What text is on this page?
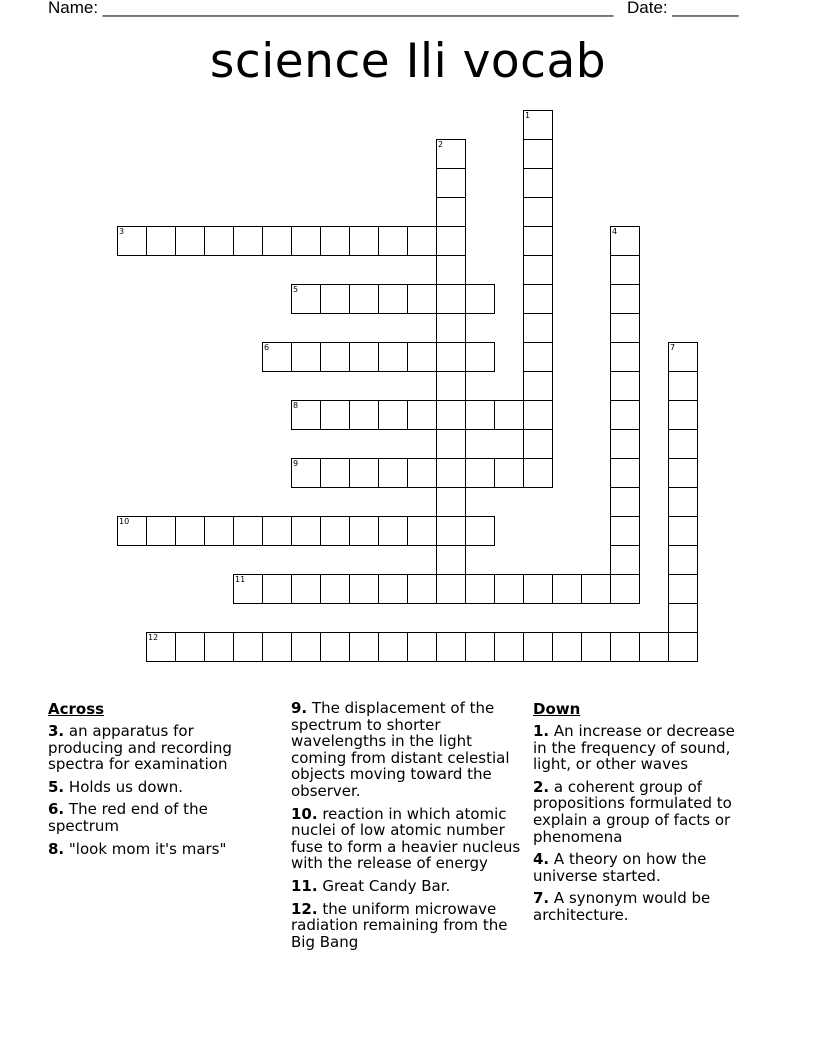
Name: ______________________________________________________ Date: _______
science Ili vocab
1
2
3	4
5
6	7
8
9
10
11
12
Across
3. an apparatus for producing and recording spectra for examination
5. Holds us down.
6. The red end of the spectrum
8. "look mom it's mars"
9. The displacement of the spectrum to shorter wavelengths in the light coming from distant celestial objects moving toward the observer.
10. reaction in which atomic nuclei of low atomic number fuse to form a heavier nucleus with the release of energy
11. Great Candy Bar.
12. the uniform microwave radiation remaining from the Big Bang
Down
1. An increase or decrease in the frequency of sound, light, or other waves
2. a coherent group of propositions formulated to explain a group of facts or phenomena
4. A theory on how the universe started.
7. A synonym would be architecture.
